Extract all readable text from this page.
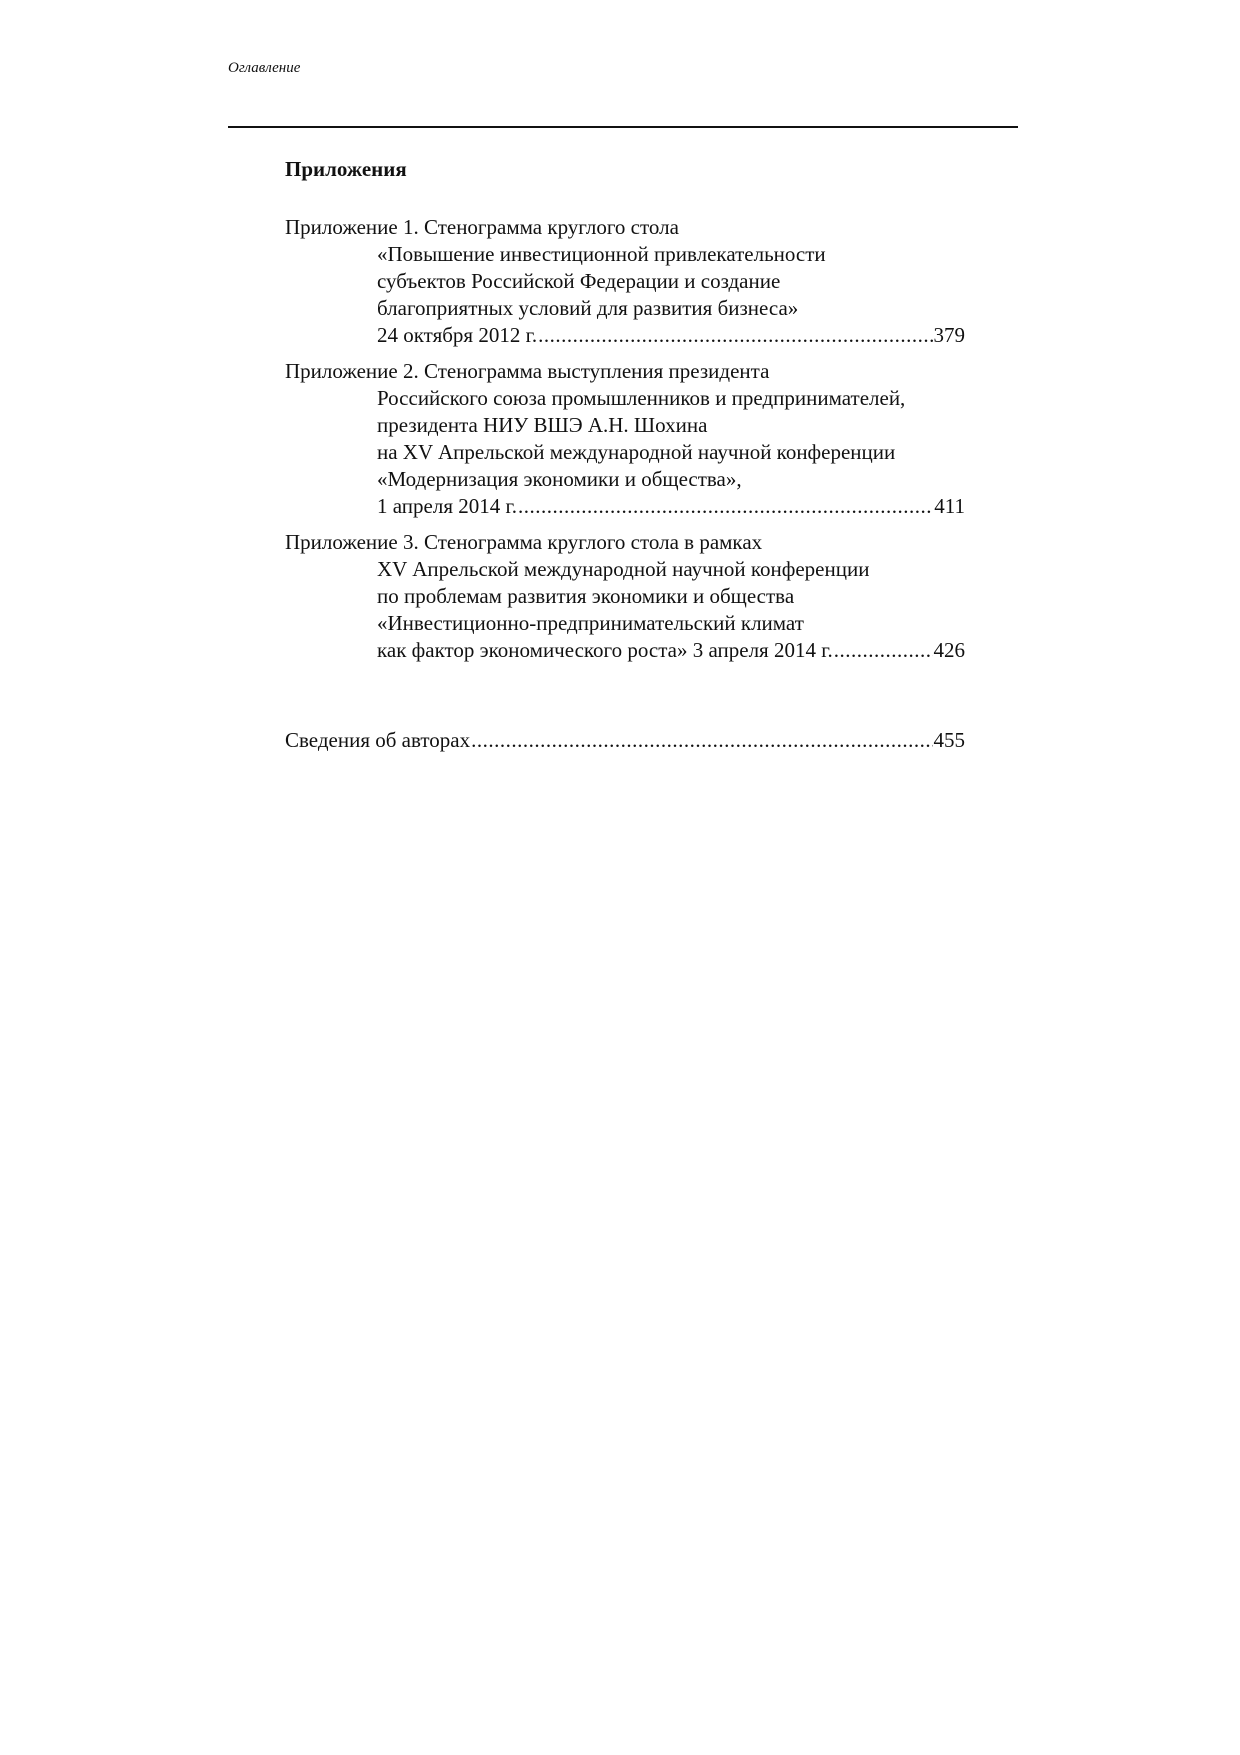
Оглавление
Приложения
Приложение 1. Стенограмма круглого стола
«Повышение инвестиционной привлекательности
субъектов Российской Федерации и создание
благоприятных условий для развития бизнеса»
24 октября 2012 г. .....	379
Приложение 2. Стенограмма выступления президента
Российского союза промышленников и предпринимателей,
президента НИУ ВШЭ А.Н. Шохина
на XV Апрельской международной научной конференции
«Модернизация экономики и общества»,
1 апреля 2014 г. .....	411
Приложение 3. Стенограмма круглого стола в рамках
XV Апрельской международной научной конференции
по проблемам развития экономики и общества
«Инвестиционно-предпринимательский климат
как фактор экономического роста» 3 апреля 2014 г. .....	426
Сведения об авторах .....	455
